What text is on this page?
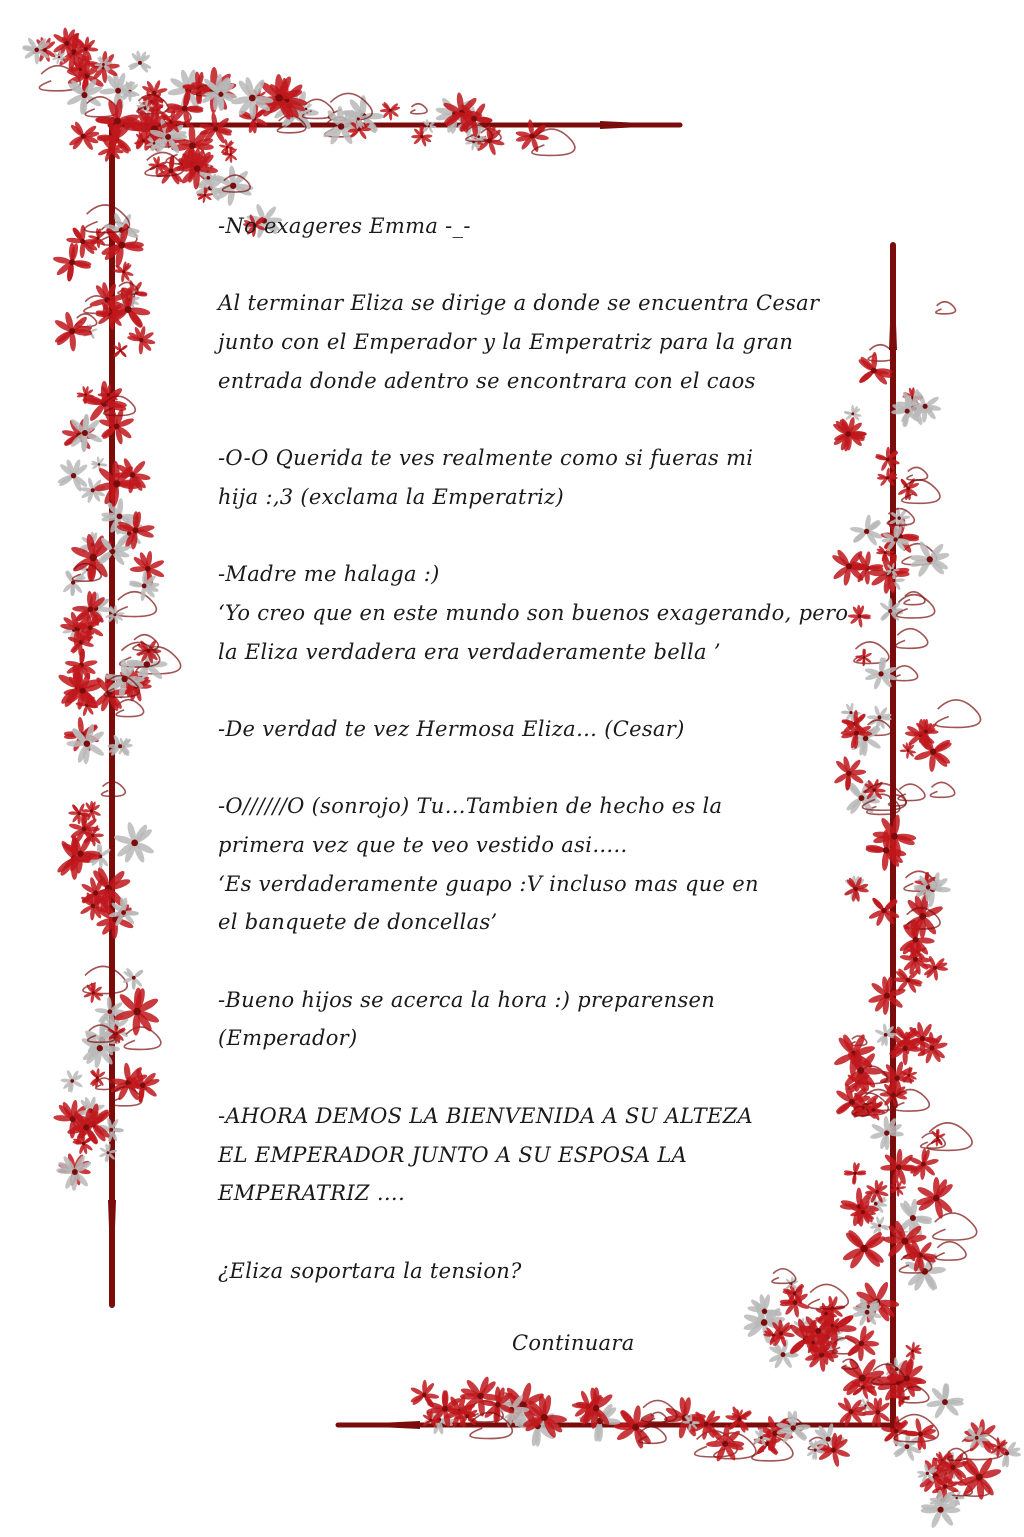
-No exageres Emma -_-
Al terminar Eliza se dirige a donde se encuentra Cesar
junto con el Emperador y la Emperatriz para la gran
entrada donde adentro se encontrara con el caos
-O-O Querida te ves realmente como si fueras mi
hija :,3 (exclama la Emperatriz)
-Madre me halaga :)
‘Yo creo que en este mundo son buenos exagerando, pero
la Eliza verdadera era verdaderamente bella ’
-De verdad te vez Hermosa Eliza… (Cesar)
-O//////O (sonrojo) Tu…Tambien de hecho es la
primera vez que te veo vestido asi…..
‘Es verdaderamente guapo :V incluso mas que en
el banquete de doncellas’
-Bueno hijos se acerca la hora :) preparensen
(Emperador)
-AHORA DEMOS LA BIENVENIDA A SU ALTEZA
EL EMPERADOR JUNTO A SU ESPOSA LA
EMPERATRIZ ….
¿Eliza soportara la tension?
Continuara
